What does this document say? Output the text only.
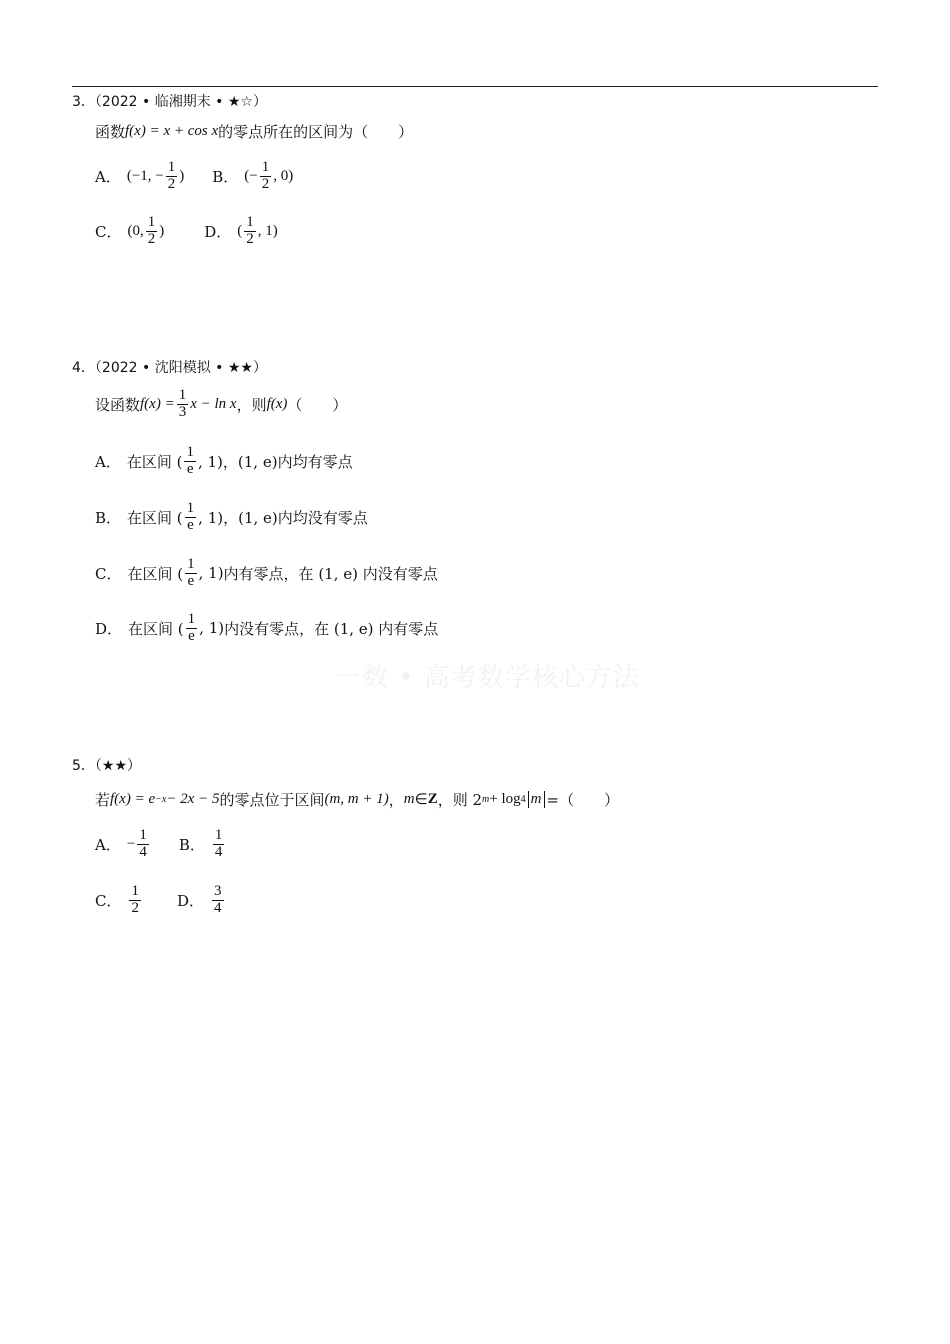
一数 • 高考数学核心方法
3．（2022 • 临湘期末 • ★☆）
函数 f(x) = x + cos x 的零点所在的区间为（　　）
A． (−1, − $\frac{1}{2}$ ) B． (− $\frac{1}{2}$ , 0)
C． (0, $\frac{1}{2}$ )	D． ( $\frac{1}{2}$ , 1)
4．（2022 • 沈阳模拟 • ★★）
设函数 $f(x) = \frac{1}{3}$ x − ln x ，则 f(x) （　　）
A． 在区间 ( $\frac{1}{e}$ , 1)，(1, e) 内均有零点
B． 在区间 ( $\frac{1}{e}$ , 1)，(1, e) 内均没有零点
C． 在区间 ( $\frac{1}{e}$ , 1) 内有零点，在 (1, e) 内没有零点
D． 在区间 ( $\frac{1}{e}$ , 1) 内没有零点，在 (1, e) 内有零点
5．（★★）
若 f(x) = e −x − 2x − 5 的零点位于区间 (m, m + 1) ， m ∈ Z ，则 2 m + log 4 m =（　　）
A． − $\frac{1}{4}$ B． $\frac{1}{4}$
C． $\frac{1}{2}$ D． $\frac{3}{4}$
